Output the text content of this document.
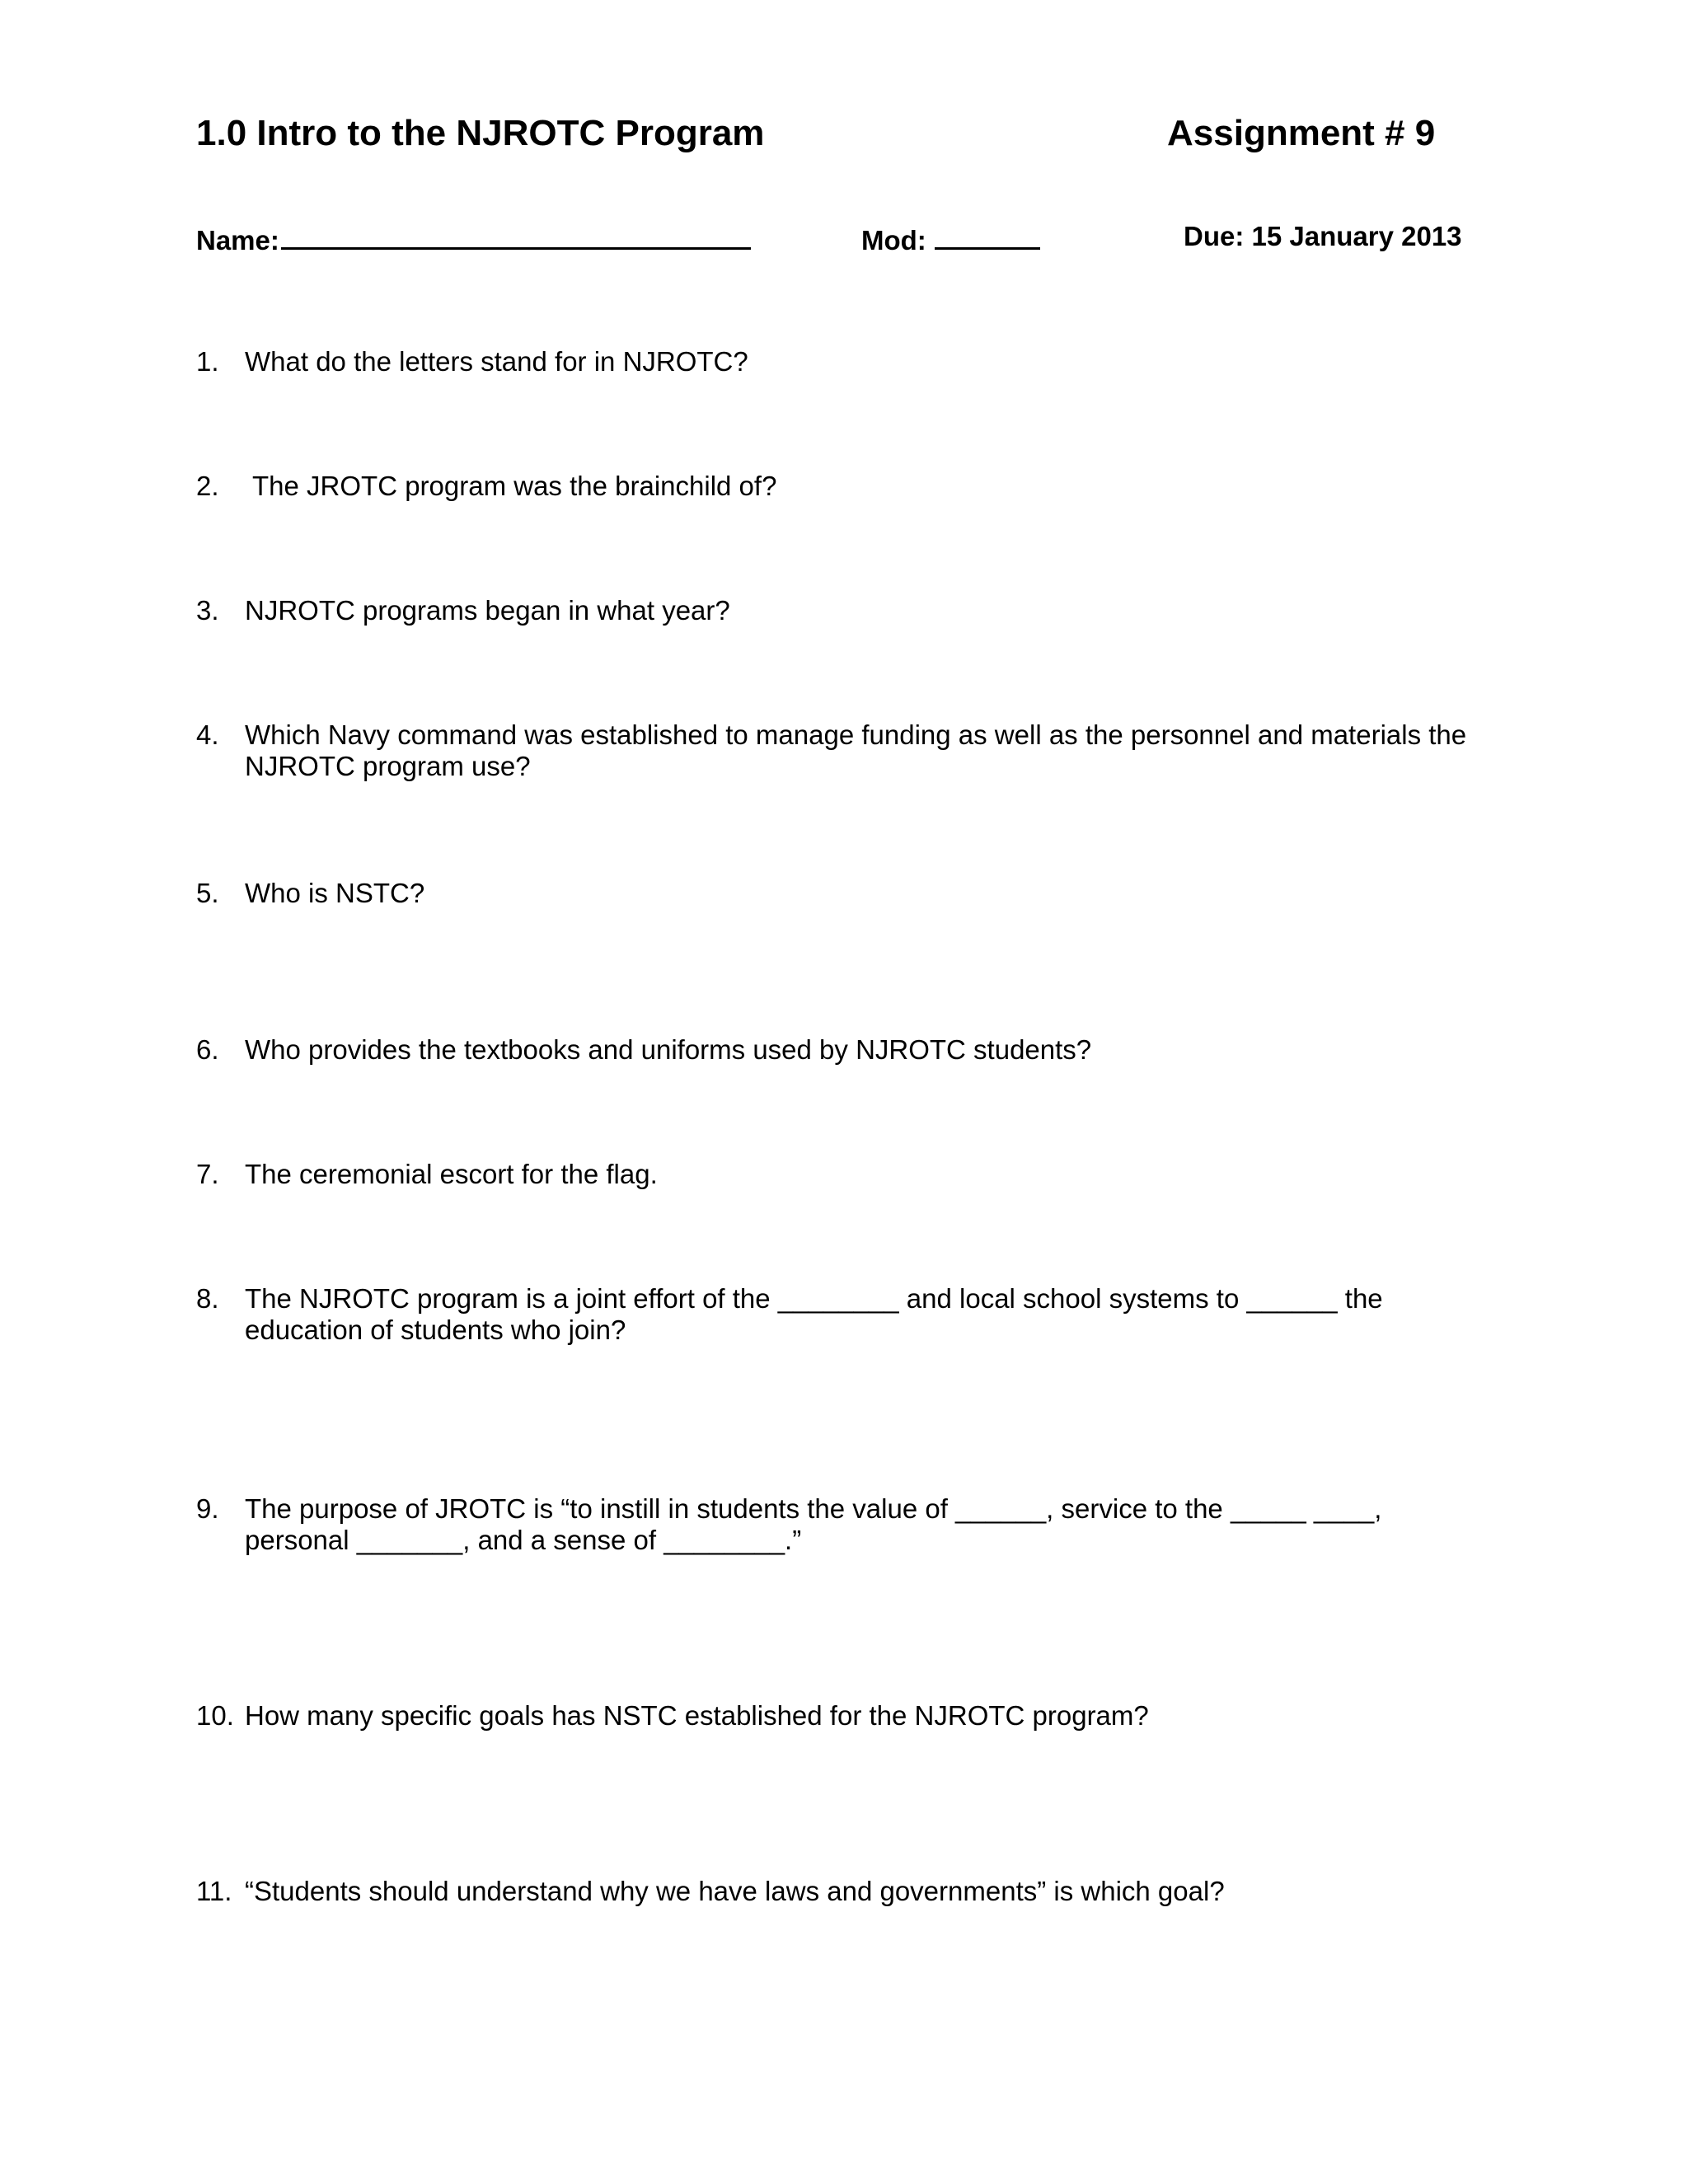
1.0 Intro to the NJROTC Program	Assignment # 9
Name:	Mod:	Due: 15 January 2013
1. What do the letters stand for in NJROTC?
2. The JROTC program was the brainchild of?
3. NJROTC programs began in what year?
4. Which Navy command was established to manage funding as well as the personnel and materials the NJROTC program use?
5. Who is NSTC?
6. Who provides the textbooks and uniforms used by NJROTC students?
7. The ceremonial escort for the flag.
8. The NJROTC program is a joint effort of the ________ and local school systems to ______ the education of students who join?
9. The purpose of JROTC is “to instill in students the value of ______, service to the _____ ____, personal _______, and a sense of ________.”
10. How many specific goals has NSTC established for the NJROTC program?
11. “Students should understand why we have laws and governments” is which goal?
